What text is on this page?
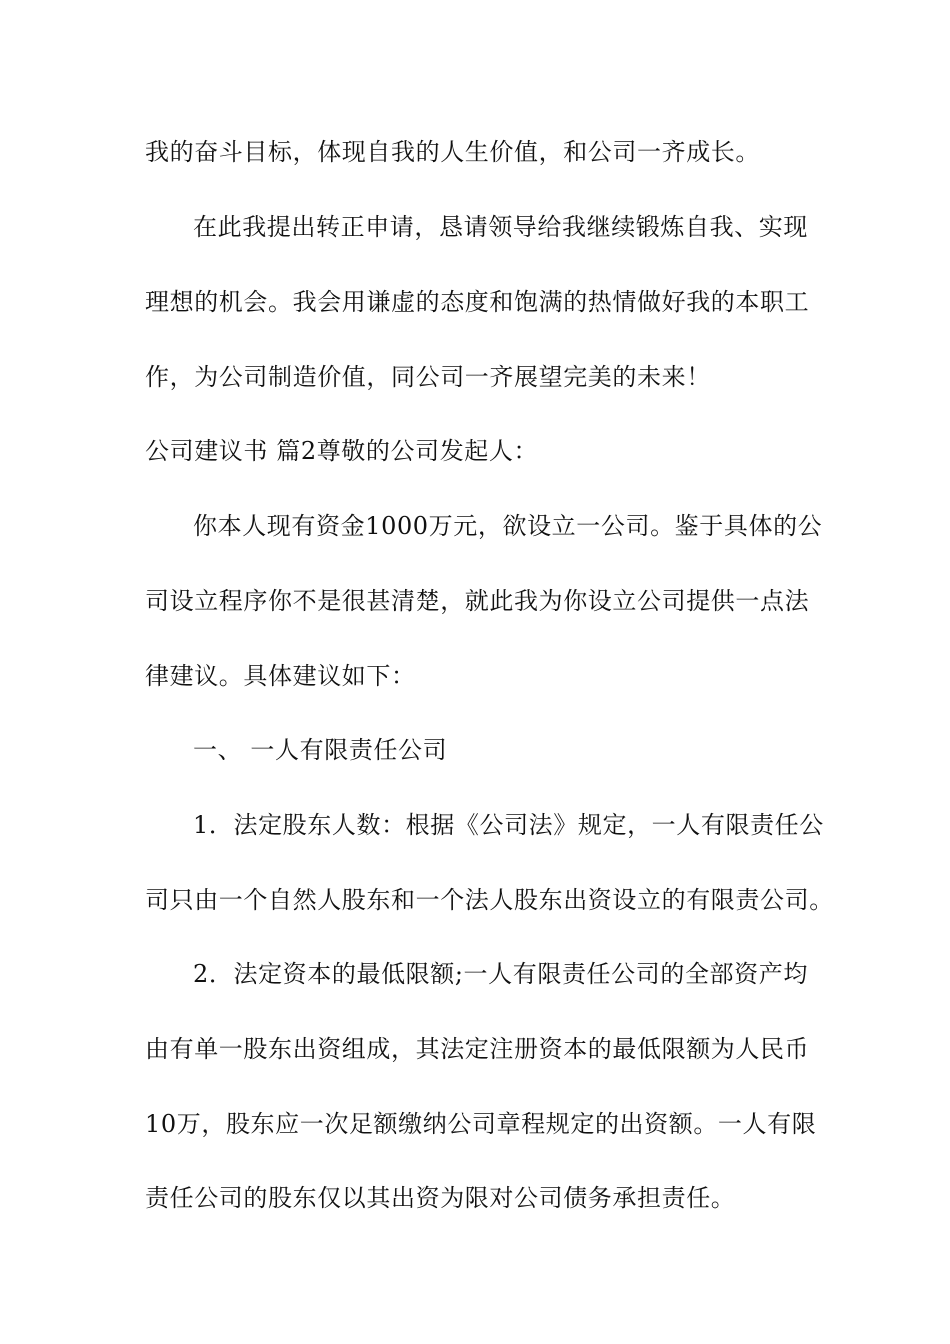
我的奋斗目标，体现自我的人生价值，和公司一齐成长。
在此我提出转正申请，恳请领导给我继续锻炼自我、实现
理想的机会。我会用谦虚的态度和饱满的热情做好我的本职工
作，为公司制造价值，同公司一齐展望完美的未来！
公司建议书 篇2尊敬的公司发起人：
你本人现有资金1000万元，欲设立一公司。鉴于具体的公
司设立程序你不是很甚清楚，就此我为你设立公司提供一点法
律建议。具体建议如下：
一、 一人有限责任公司
1．法定股东人数：根据《公司法》规定，一人有限责任公
司只由一个自然人股东和一个法人股东出资设立的有限责公司。
2．法定资本的最低限额;一人有限责任公司的全部资产均
由有单一股东出资组成，其法定注册资本的最低限额为人民币
10万，股东应一次足额缴纳公司章程规定的出资额。一人有限
责任公司的股东仅以其出资为限对公司债务承担责任。
